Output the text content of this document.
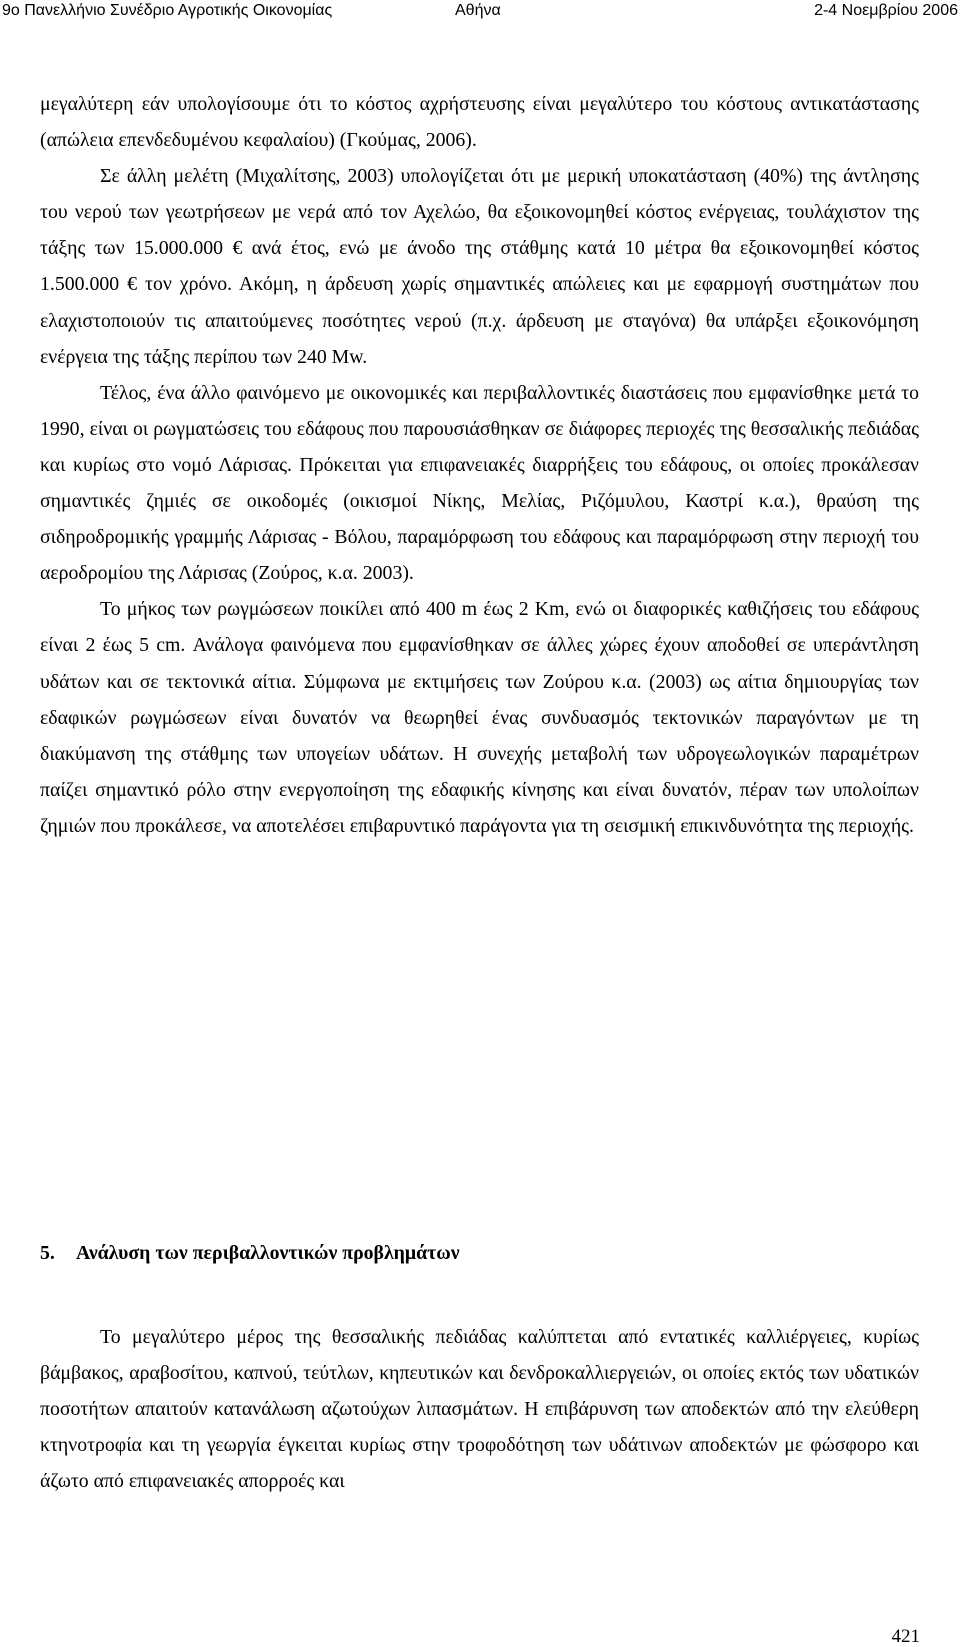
9ο Πανελλήνιο Συνέδριο Αγροτικής Οικονομίας	Αθήνα	2-4 Νοεμβρίου 2006

μεγαλύτερη εάν υπολογίσουμε ότι το κόστος αχρήστευσης είναι μεγαλύτερο του κόστους αντικατάστασης (απώλεια επενδεδυμένου κεφαλαίου) (Γκούμας, 2006).

Σε άλλη μελέτη (Μιχαλίτσης, 2003) υπολογίζεται ότι με μερική υποκατάσταση (40%) της άντλησης του νερού των γεωτρήσεων με νερά από τον Αχελώο, θα εξοικονομηθεί κόστος ενέργειας, τουλάχιστον της τάξης των 15.000.000 € ανά έτος, ενώ με άνοδο της στάθμης κατά 10 μέτρα θα εξοικονομηθεί κόστος 1.500.000 € τον χρόνο. Ακόμη, η άρδευση χωρίς σημαντικές απώλειες και με εφαρμογή συστημάτων που ελαχιστοποιούν τις απαιτούμενες ποσότητες νερού (π.χ. άρδευση με σταγόνα) θα υπάρξει εξοικονόμηση ενέργεια της τάξης περίπου των 240 Mw.

Τέλος, ένα άλλο φαινόμενο με οικονομικές και περιβαλλοντικές διαστάσεις που εμφανίσθηκε μετά το 1990, είναι οι ρωγματώσεις του εδάφους που παρουσιάσθηκαν σε διάφορες περιοχές της θεσσαλικής πεδιάδας και κυρίως στο νομό Λάρισας. Πρόκειται για επιφανειακές διαρρήξεις του εδάφους, οι οποίες προκάλεσαν σημαντικές ζημιές σε οικοδομές (οικισμοί Νίκης, Μελίας, Ριζόμυλου, Καστρί κ.α.), θραύση της σιδηροδρομικής γραμμής Λάρισας - Βόλου, παραμόρφωση του εδάφους και παραμόρφωση στην περιοχή του αεροδρομίου της Λάρισας (Ζούρος, κ.α. 2003).

Το μήκος των ρωγμώσεων ποικίλει από 400 m έως 2 Km, ενώ οι διαφορικές καθιζήσεις του εδάφους είναι 2 έως 5 cm. Ανάλογα φαινόμενα που εμφανίσθηκαν σε άλλες χώρες έχουν αποδοθεί σε υπεράντληση υδάτων και σε τεκτονικά αίτια. Σύμφωνα με εκτιμήσεις των Ζούρου κ.α. (2003) ως αίτια δημιουργίας των εδαφικών ρωγμώσεων είναι δυνατόν να θεωρηθεί ένας συνδυασμός τεκτονικών παραγόντων με τη διακύμανση της στάθμης των υπογείων υδάτων. Η συνεχής μεταβολή των υδρογεωλογικών παραμέτρων παίζει σημαντικό ρόλο στην ενεργοποίηση της εδαφικής κίνησης και είναι δυνατόν, πέραν των υπολοίπων ζημιών που προκάλεσε, να αποτελέσει επιβαρυντικό παράγοντα για τη σεισμική επικινδυνότητα της περιοχής.

5. Ανάλυση των περιβαλλοντικών προβλημάτων

Το μεγαλύτερο μέρος της θεσσαλικής πεδιάδας καλύπτεται από εντατικές καλλιέργειες, κυρίως βάμβακος, αραβοσίτου, καπνού, τεύτλων, κηπευτικών και δενδροκαλλιεργειών, οι οποίες εκτός των υδατικών ποσοτήτων απαιτούν κατανάλωση αζωτούχων λιπασμάτων. Η επιβάρυνση των αποδεκτών από την ελεύθερη κτηνοτροφία και τη γεωργία έγκειται κυρίως στην τροφοδότηση των υδάτινων αποδεκτών με φώσφορο και άζωτο από επιφανειακές απορροές και

421
